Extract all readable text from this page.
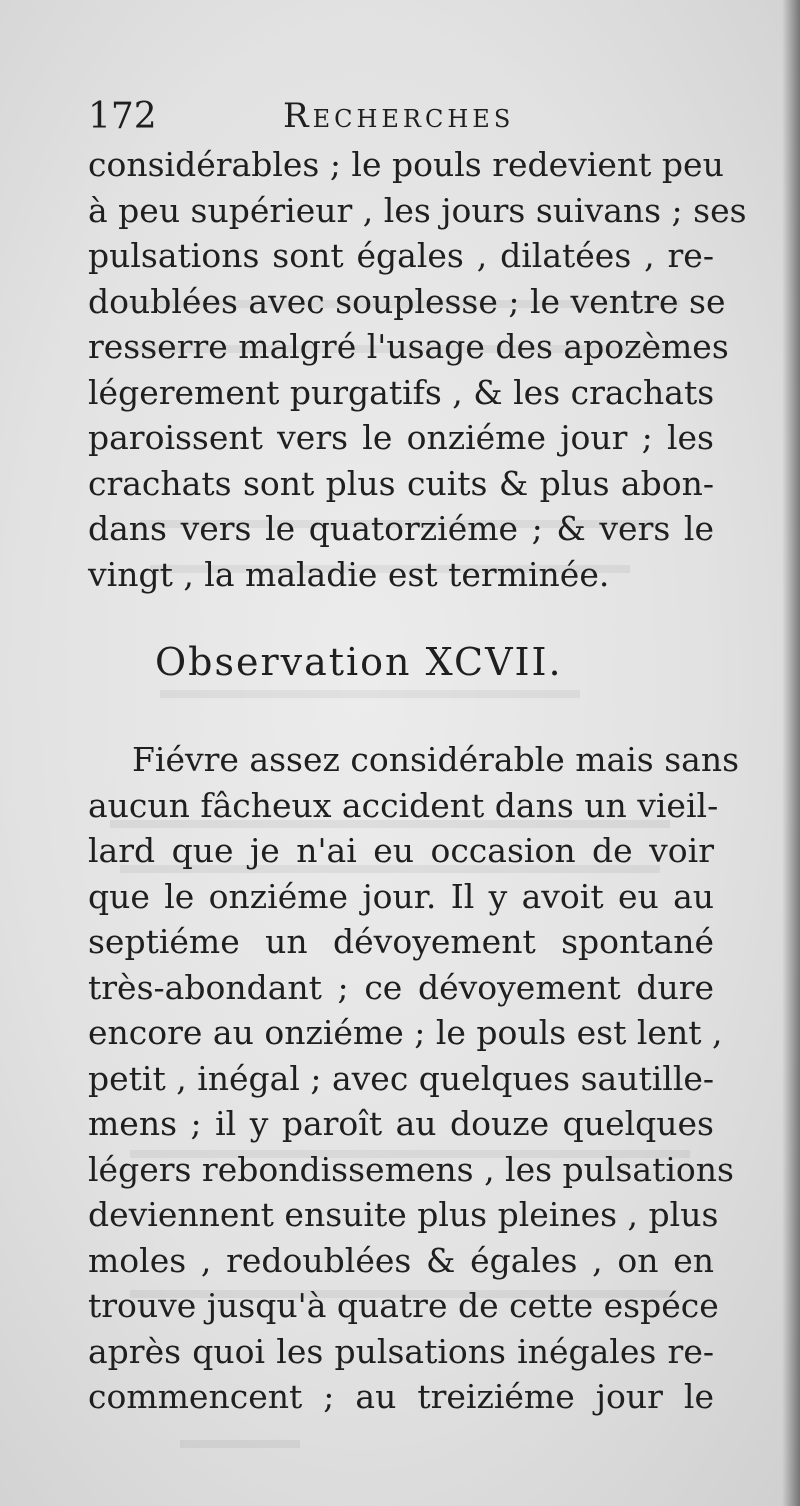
172	Recherches
considérables ; le pouls redevient peu
à peu supérieur , les jours suivans ; ses
pulsations sont égales , dilatées , re-
doublées avec souplesse ; le ventre se
resserre malgré l'usage des apozèmes
légerement purgatifs , & les crachats
paroissent vers le onziéme jour ; les
crachats sont plus cuits & plus abon-
dans vers le quatorziéme ; & vers le
vingt , la maladie est terminée.
Observation XCVII.
Fiévre assez considérable mais sans
aucun fâcheux accident dans un vieil-
lard que je n'ai eu occasion de voir
que le onziéme jour. Il y avoit eu au
septiéme un dévoyement spontané
très-abondant ; ce dévoyement dure
encore au onziéme ; le pouls est lent ,
petit , inégal ; avec quelques sautille-
mens ; il y paroît au douze quelques
légers rebondissemens , les pulsations
deviennent ensuite plus pleines , plus
moles , redoublées & égales , on en
trouve jusqu'à quatre de cette espéce
après quoi les pulsations inégales re-
commencent ; au treiziéme jour le
